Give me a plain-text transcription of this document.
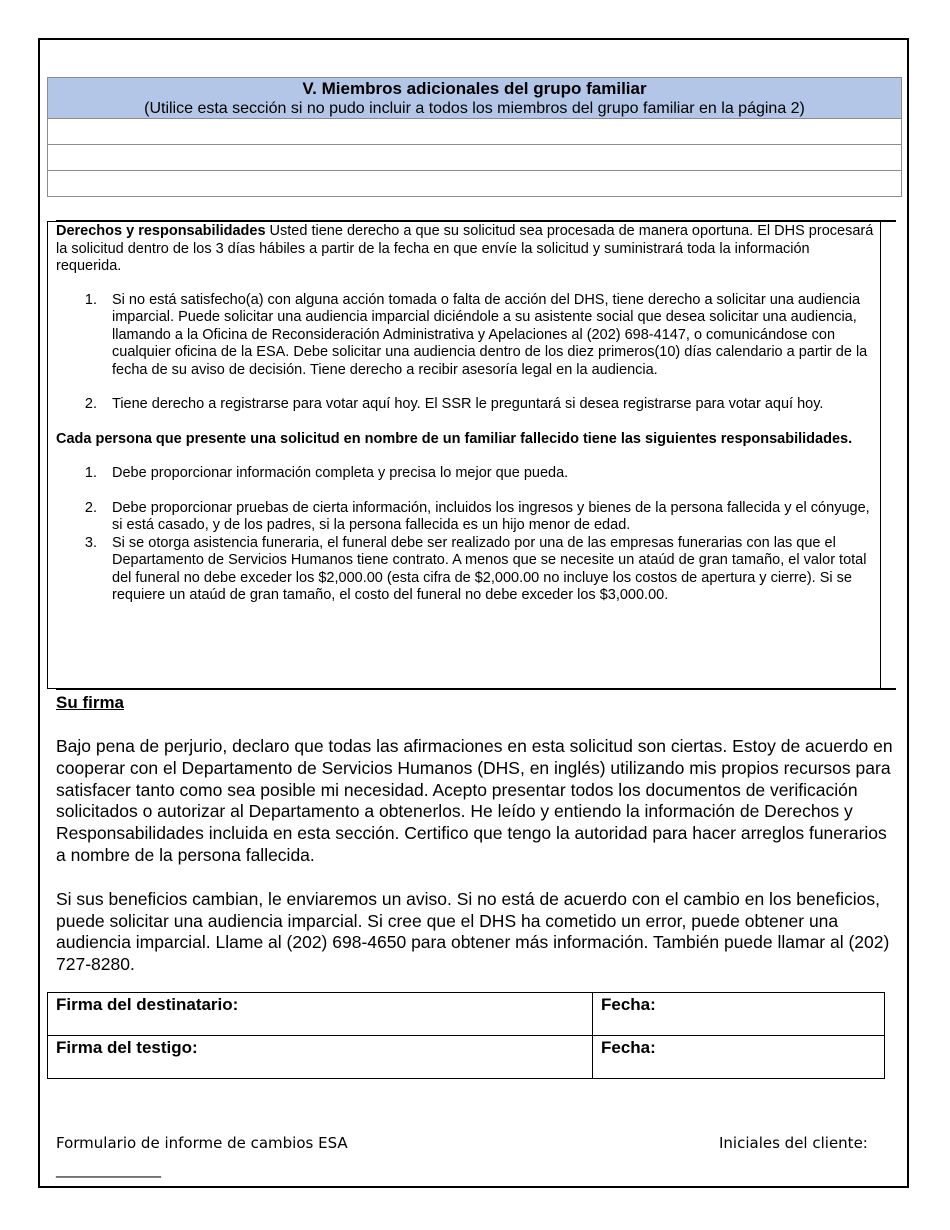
V. Miembros adicionales del grupo familiar
(Utilice esta sección si no pudo incluir a todos los miembros del grupo familiar en la página 2)

Derechos y responsabilidades Usted tiene derecho a que su solicitud sea procesada de manera oportuna. El DHS procesará la solicitud dentro de los 3 días hábiles a partir de la fecha en que envíe la solicitud y suministrará toda la información requerida.

1.	Si no está satisfecho(a) con alguna acción tomada o falta de acción del DHS, tiene derecho a solicitar una audiencia imparcial. Puede solicitar una audiencia imparcial diciéndole a su asistente social que desea solicitar una audiencia, llamando a la Oficina de Reconsideración Administrativa y Apelaciones al (202) 698-4147, o comunicándose con cualquier oficina de la ESA. Debe solicitar una audiencia dentro de los diez primeros(10) días calendario a partir de la fecha de su aviso de decisión. Tiene derecho a recibir asesoría legal en la audiencia.
2.	Tiene derecho a registrarse para votar aquí hoy. El SSR le preguntará si desea registrarse para votar aquí hoy.

Cada persona que presente una solicitud en nombre de un familiar fallecido tiene las siguientes responsabilidades.

1.	Debe proporcionar información completa y precisa lo mejor que pueda.
2.	Debe proporcionar pruebas de cierta información, incluidos los ingresos y bienes de la persona fallecida y el cónyuge, si está casado, y de los padres, si la persona fallecida es un hijo menor de edad.
3.	Si se otorga asistencia funeraria, el funeral debe ser realizado por una de las empresas funerarias con las que el Departamento de Servicios Humanos tiene contrato. A menos que se necesite un ataúd de gran tamaño, el valor total del funeral no debe exceder los $2,000.00 (esta cifra de $2,000.00 no incluye los costos de apertura y cierre). Si se requiere un ataúd de gran tamaño, el costo del funeral no debe exceder los $3,000.00.
Su firma

Bajo pena de perjurio, declaro que todas las afirmaciones en esta solicitud son ciertas. Estoy de acuerdo en cooperar con el Departamento de Servicios Humanos (DHS, en inglés) utilizando mis propios recursos para satisfacer tanto como sea posible mi necesidad. Acepto presentar todos los documentos de verificación solicitados o autorizar al Departamento a obtenerlos. He leído y entiendo la información de Derechos y Responsabilidades incluida en esta sección. Certifico que tengo la autoridad para hacer arreglos funerarios a nombre de la persona fallecida.

Si sus beneficios cambian, le enviaremos un aviso. Si no está de acuerdo con el cambio en los beneficios, puede solicitar una audiencia imparcial. Si cree que el DHS ha cometido un error, puede obtener una audiencia imparcial. Llame al (202) 698-4650 para obtener más información. También puede llamar al (202) 727-8280.

Firma del destinatario:	Fecha:
Firma del testigo:	Fecha:
Formulario de informe de cambios ESA	Iniciales del cliente:
______________
